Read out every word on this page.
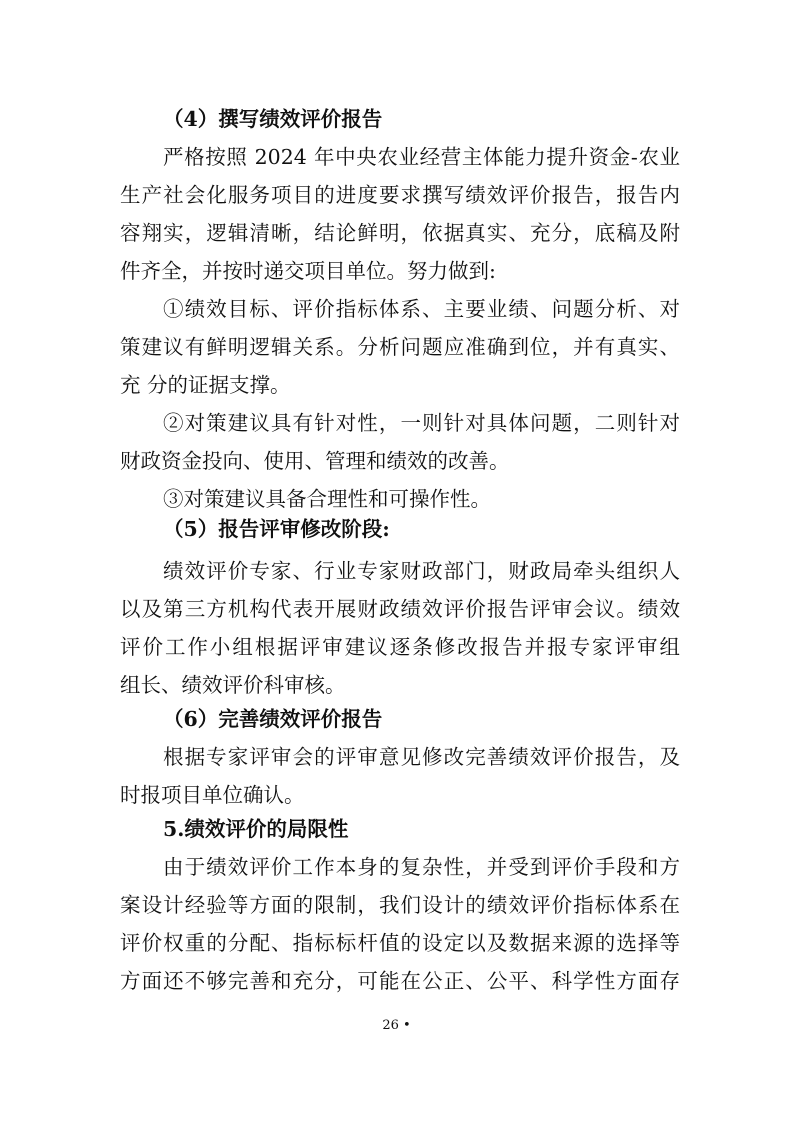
（4）撰写绩效评价报告
严格按照 2024 年中央农业经营主体能力提升资金-农业
生产社会化服务项目的进度要求撰写绩效评价报告，报告内
容翔实，逻辑清晰，结论鲜明，依据真实、充分，底稿及附
件齐全，并按时递交项目单位。努力做到:
①绩效目标、评价指标体系、主要业绩、问题分析、对
策建议有鲜明逻辑关系。分析问题应准确到位，并有真实、
充 分的证据支撑。
②对策建议具有针对性，一则针对具体问题，二则针对
财政资金投向、使用、管理和绩效的改善。
③对策建议具备合理性和可操作性。
（5）报告评审修改阶段:
绩效评价专家、行业专家财政部门，财政局牵头组织人
以及第三方机构代表开展财政绩效评价报告评审会议。绩效
评价工作小组根据评审建议逐条修改报告并报专家评审组
组长、绩效评价科审核。
（6）完善绩效评价报告
根据专家评审会的评审意见修改完善绩效评价报告，及
时报项目单位确认。
5.绩效评价的局限性
由于绩效评价工作本身的复杂性，并受到评价手段和方
案设计经验等方面的限制，我们设计的绩效评价指标体系在
评价权重的分配、指标标杆值的设定以及数据来源的选择等
方面还不够完善和充分，可能在公正、公平、科学性方面存
26 •
